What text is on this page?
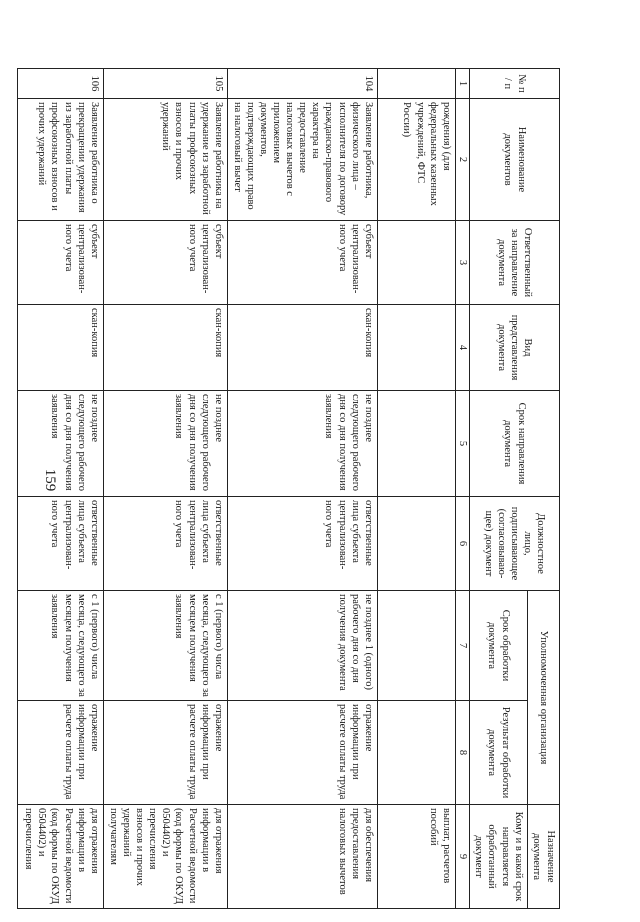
159
№ п / п	Наименование документов	Ответственный за направление документа	Вид представления документа	Срок направления документа	Должностное лицо, подписывающее (согласовываю- щее) документ	Уполномоченная организация		Назначение документа
						Срок обработки документа	Результат обработки документа	Кому и в какой срок направляется обработанный документ
1	2	3	4	5	6	7	8	9
	рождения) (для федеральных казенных учреждений, ФТС России)							выплат, расчетов пособий
104	Заявление работника, физического лица – исполнителя по договору гражданско-правового характера на предоставление налоговых вычетов с приложением документов, подтверждающих право на налоговый вычет	субъект централизован- ного учета	скан-копия	не позднее следующего рабочего дня со дня получения заявления	ответственные лица субъекта централизован- ного учета	не позднее 1 (одного) рабочего дня со дня получения документа	отражение информации при расчете оплаты труда	для обеспечения предоставления налоговых вычетов
105	Заявление работника на удержание из заработной платы профсоюзных взносов и прочих удержаний	субъект централизован- ного учета	скан-копия	не позднее следующего рабочего дня со дня получения заявления	ответственные лица субъекта централизован- ного учета	с 1 (первого) числа месяца, следующего за месяцем получения заявления	отражение информации при расчете оплаты труда	для отражения информации в Расчетной ведомости (код формы по ОКУД 0504402) и перечисления взносов и прочих удержаний получателям
106	Заявление работника о прекращении удержания из заработной платы профсоюзных взносов и прочих удержаний	субъект централизован- ного учета	скан-копия	не позднее следующего рабочего дня со дня получения заявления	ответственные лица субъекта централизован- ного учета	с 1 (первого) числа месяца, следующего за месяцем получения заявления	отражение информации при расчете оплаты труда	для отражения информации в Расчетной ведомости (код формы по ОКУД 0504402) и перечисления
